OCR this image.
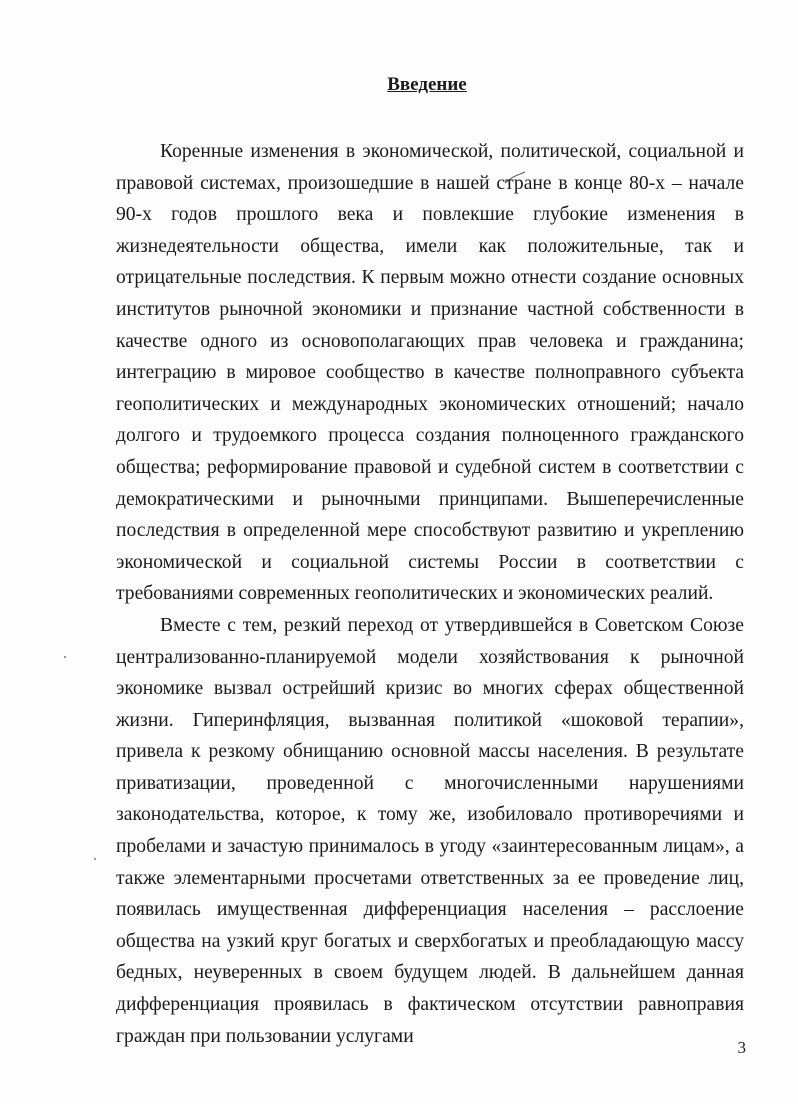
Введение

Коренные изменения в экономической, политической, социальной и правовой системах, произошедшие в нашей стране в конце 80-х – начале 90-х годов прошлого века и повлекшие глубокие изменения в жизнедеятельности общества, имели как положительные, так и отрицательные последствия. К первым можно отнести создание основных институтов рыночной экономики и признание частной собственности в качестве одного из основополагающих прав человека и гражданина; интеграцию в мировое сообщество в качестве полноправного субъекта геополитических и международных экономических отношений; начало долгого и трудоемкого процесса создания полноценного гражданского общества; реформирование правовой и судебной систем в соответствии с демократическими и рыночными принципами. Вышеперечисленные последствия в определенной мере способствуют развитию и укреплению экономической и социальной системы России в соответствии с требованиями современных геополитических и экономических реалий.

Вместе с тем, резкий переход от утвердившейся в Советском Союзе централизованно-планируемой модели хозяйствования к рыночной экономике вызвал острейший кризис во многих сферах общественной жизни. Гиперинфляция, вызванная политикой «шоковой терапии», привела к резкому обнищанию основной массы населения. В результате приватизации, проведенной с многочисленными нарушениями законодательства, которое, к тому же, изобиловало противоречиями и пробелами и зачастую принималось в угоду «заинтересованным лицам», а также элементарными просчетами ответственных за ее проведение лиц, появилась имущественная дифференциация населения – расслоение общества на узкий круг богатых и сверхбогатых и преобладающую массу бедных, неуверенных в своем будущем людей. В дальнейшем данная дифференциация проявилась в фактическом отсутствии равноправия граждан при пользовании услугами

3
